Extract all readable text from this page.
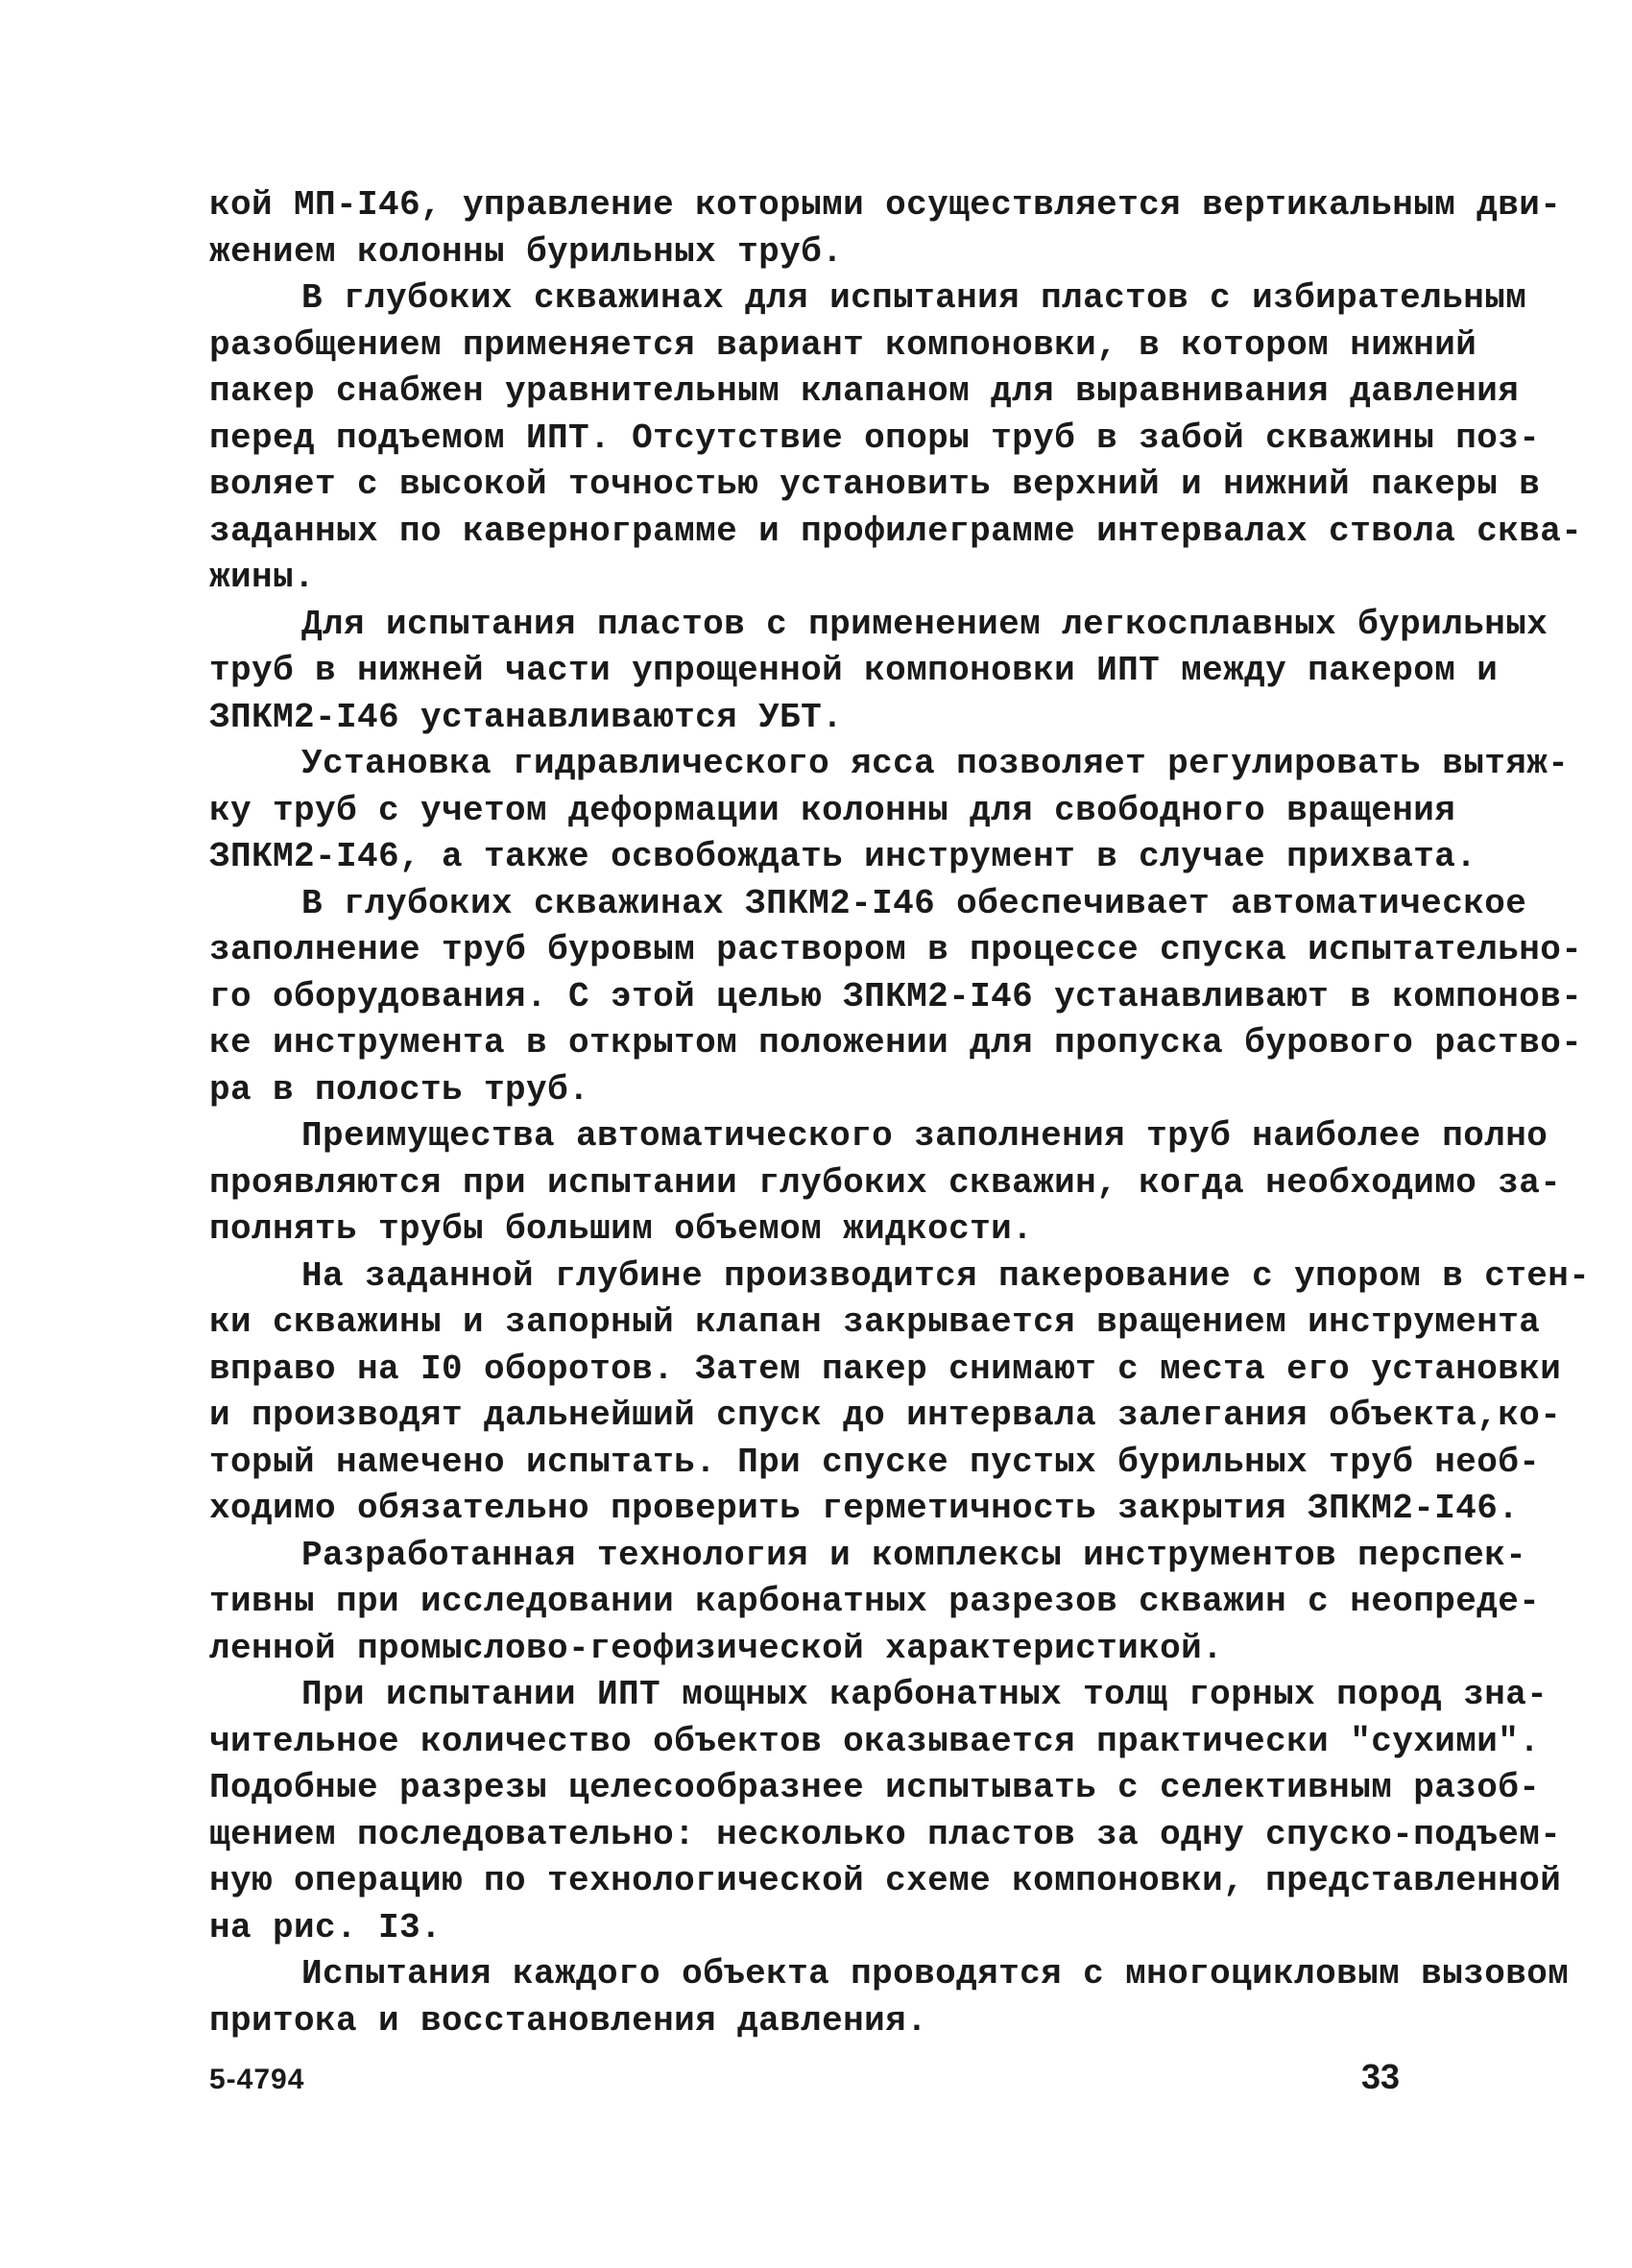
кой МП-I46, управление которыми осуществляется вертикальным дви-
жением колонны бурильных труб.
В глубоких скважинах для испытания пластов с избирательным
разобщением применяется вариант компоновки, в котором нижний
пакер снабжен уравнительным клапаном для выравнивания давления
перед подъемом ИПТ. Отсутствие опоры труб в забой скважины поз-
воляет с высокой точностью установить верхний и нижний пакеры в
заданных по кавернограмме и профилеграмме интервалах ствола сква-
жины.
Для испытания пластов с применением легкосплавных бурильных
труб в нижней части упрощенной компоновки ИПТ между пакером и
ЗПКМ2-I46 устанавливаются УБТ.
Установка гидравлического ясса позволяет регулировать вытяж-
ку труб с учетом деформации колонны для свободного вращения
ЗПКМ2-I46, а также освобождать инструмент в случае прихвата.
В глубоких скважинах ЗПКМ2-I46 обеспечивает автоматическое
заполнение труб буровым раствором в процессе спуска испытательно-
го оборудования. С этой целью ЗПКМ2-I46 устанавливают в компонов-
ке инструмента в открытом положении для пропуска бурового раство-
ра в полость труб.
Преимущества автоматического заполнения труб наиболее полно
проявляются при испытании глубоких скважин, когда необходимо за-
полнять трубы большим объемом жидкости.
На заданной глубине производится пакерование с упором в стен-
ки скважины и запорный клапан закрывается вращением инструмента
вправо на I0 оборотов. Затем пакер снимают с места его установки
и производят дальнейший спуск до интервала залегания объекта,ко-
торый намечено испытать. При спуске пустых бурильных труб необ-
ходимо обязательно проверить герметичность закрытия ЗПКМ2-I46.
Разработанная технология и комплексы инструментов перспек-
тивны при исследовании карбонатных разрезов скважин с неопреде-
ленной промыслово-геофизической характеристикой.
При испытании ИПТ мощных карбонатных толщ горных пород зна-
чительное количество объектов оказывается практически "сухими".
Подобные разрезы целесообразнее испытывать с селективным разоб-
щением последовательно: несколько пластов за одну спуско-подъем-
ную операцию по технологической схеме компоновки, представленной
на рис. I3.
Испытания каждого объекта проводятся с многоцикловым вызовом
притока и восстановления давления.
5-4794	33
